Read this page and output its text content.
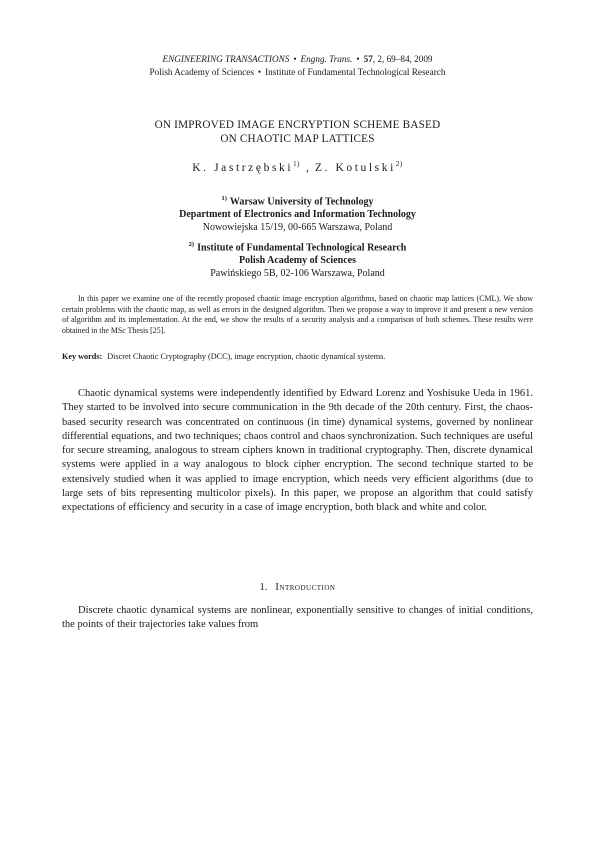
ENGINEERING TRANSACTIONS • Engng. Trans. • 57, 2, 69–84, 2009
Polish Academy of Sciences • Institute of Fundamental Technological Research
ON IMPROVED IMAGE ENCRYPTION SCHEME BASED
ON CHAOTIC MAP LATTICES
K. Jastrzębski$^{1)}$ , Z. Kotulski$^{2)}$
$^{1)}$ Warsaw University of Technology
Department of Electronics and Information Technology
Nowowiejska 15/19, 00-665 Warszawa, Poland
$^{2)}$ Institute of Fundamental Technological Research
Polish Academy of Sciences
Pawińskiego 5B, 02-106 Warszawa, Poland

In this paper we examine one of the recently proposed chaotic image encryption algorithms, based on chaotic map lattices (CML). We show certain problems with the chaotic map, as well as errors in the designed algorithm. Then we propose a way to improve it and present a new version of algorithm and its implementation. At the end, we show the results of a security analysis and a comparison of both schemes. These results were obtained in the MSc Thesis [25].

Key words: Discret Chaotic Cryptography (DCC), image encryption, chaotic dynamical systems.

Chaotic dynamical systems were independently identified by Edward Lorenz and Yoshisuke Ueda in 1961. They started to be involved into secure communication in the 9th decade of the 20th century. First, the chaos-based security research was concentrated on continuous (in time) dynamical systems, governed by nonlinear differential equations, and two techniques; chaos control and chaos synchronization. Such techniques are useful for secure streaming, analogous to stream ciphers known in traditional cryptography. Then, discrete dynamical systems were applied in a way analogous to block cipher encryption. The second technique started to be extensively studied when it was applied to image encryption, which needs very efficient algorithms (due to large sets of bits representing multicolor pixels). In this paper, we propose an algorithm that could satisfy expectations of efficiency and security in a case of image encryption, both black and white and color.

1. Introduction

Discrete chaotic dynamical systems are nonlinear, exponentially sensitive to changes of initial conditions, the points of their trajectories take values from
